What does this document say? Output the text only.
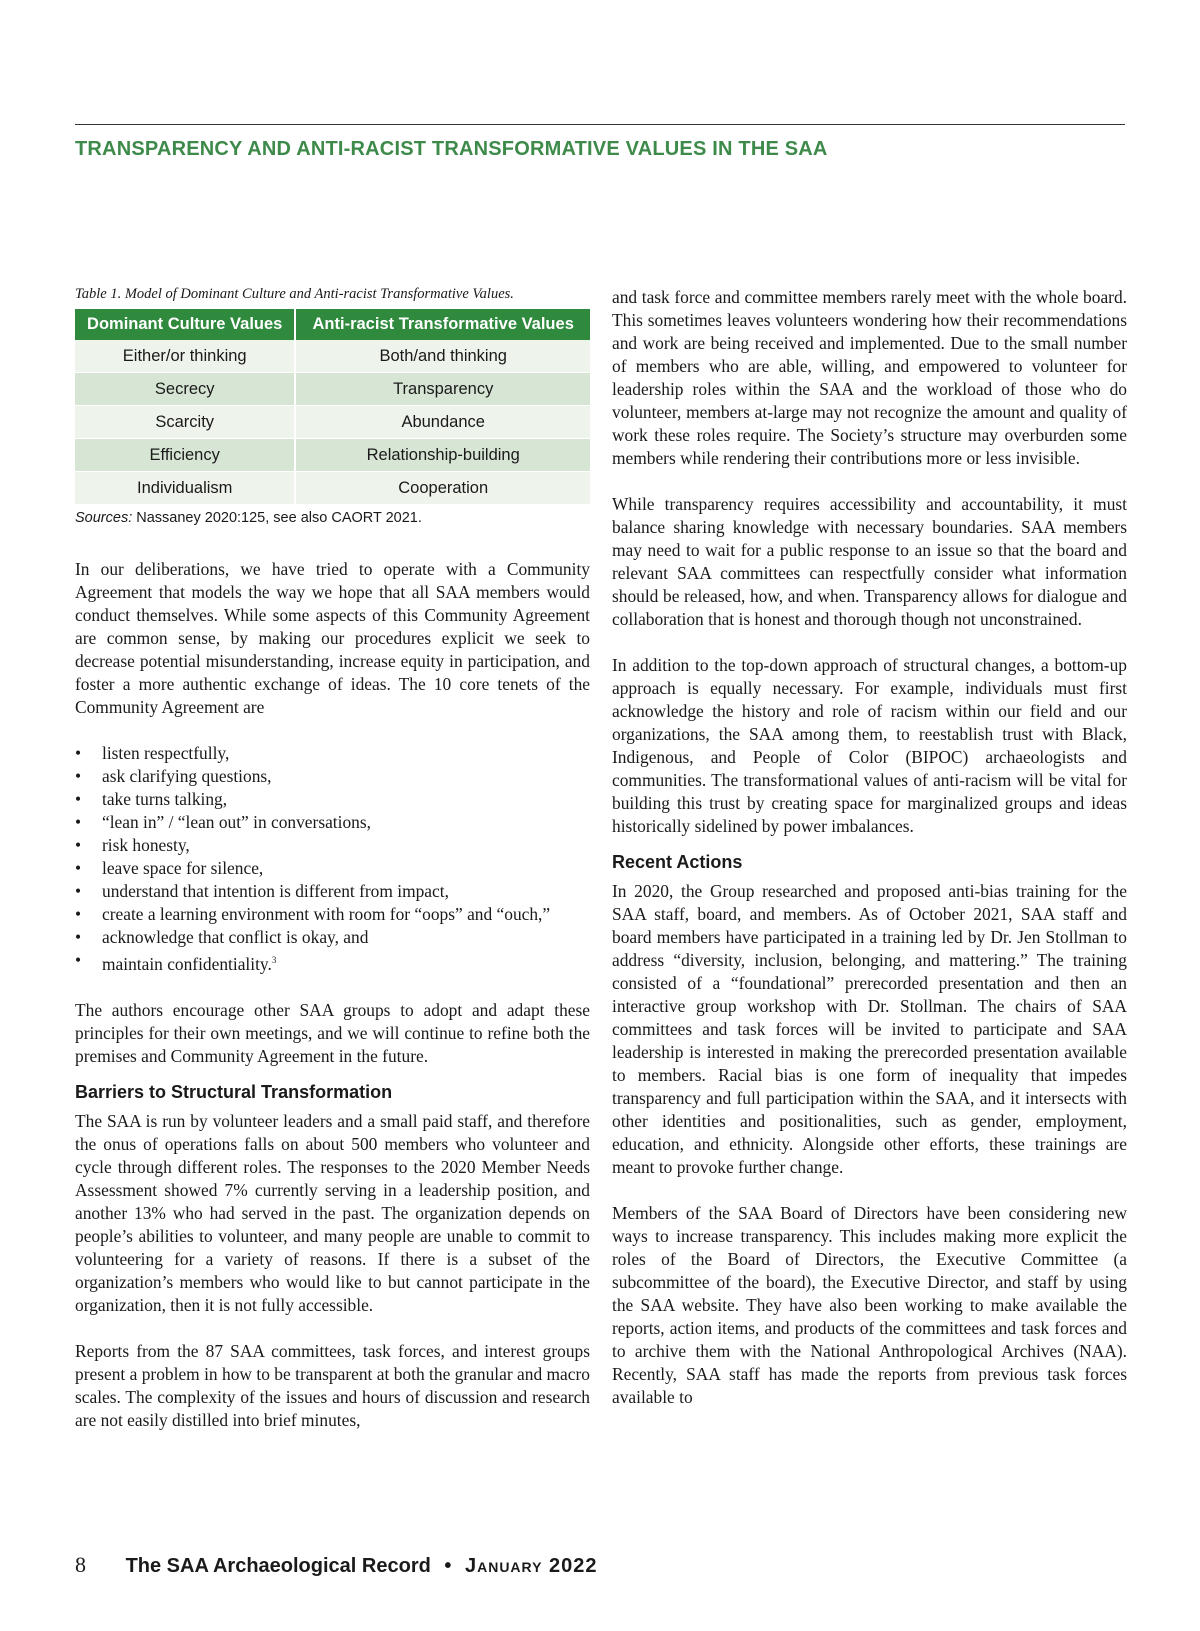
TRANSPARENCY AND ANTI-RACIST TRANSFORMATIVE VALUES IN THE SAA
Table 1. Model of Dominant Culture and Anti-racist Transformative Values.
Dominant Culture Values	Anti-racist Transformative Values
Either/or thinking	Both/and thinking
Secrecy	Transparency
Scarcity	Abundance
Efficiency	Relationship-building
Individualism	Cooperation
Sources: Nassaney 2020:125, see also CAORT 2021.

In our deliberations, we have tried to operate with a Community Agreement that models the way we hope that all SAA members would conduct themselves. While some aspects of this Community Agreement are common sense, by making our procedures explicit we seek to decrease potential misunderstanding, increase equity in participation, and foster a more authentic exchange of ideas. The 10 core tenets of the Community Agreement are

• listen respectfully,
• ask clarifying questions,
• take turns talking,
• “lean in” / “lean out” in conversations,
• risk honesty,
• leave space for silence,
• understand that intention is different from impact,
• create a learning environment with room for “oops” and “ouch,”
• acknowledge that conflict is okay, and
• maintain confidentiality.$^3$

The authors encourage other SAA groups to adopt and adapt these principles for their own meetings, and we will continue to refine both the premises and Community Agreement in the future.

Barriers to Structural Transformation

The SAA is run by volunteer leaders and a small paid staff, and therefore the onus of operations falls on about 500 members who volunteer and cycle through different roles. The responses to the 2020 Member Needs Assessment showed 7% currently serving in a leadership position, and another 13% who had served in the past. The organization depends on people’s abilities to volunteer, and many people are unable to commit to volunteering for a variety of reasons. If there is a subset of the organization’s members who would like to but cannot participate in the organization, then it is not fully accessible.

Reports from the 87 SAA committees, task forces, and interest groups present a problem in how to be transparent at both the granular and macro scales. The complexity of the issues and hours of discussion and research are not easily distilled into brief minutes,

and task force and committee members rarely meet with the whole board. This sometimes leaves volunteers wondering how their recommendations and work are being received and implemented. Due to the small number of members who are able, willing, and empowered to volunteer for leadership roles within the SAA and the workload of those who do volunteer, members at-large may not recognize the amount and quality of work these roles require. The Society’s structure may overburden some members while rendering their contributions more or less invisible.

While transparency requires accessibility and accountability, it must balance sharing knowledge with necessary boundaries. SAA members may need to wait for a public response to an issue so that the board and relevant SAA committees can respectfully consider what information should be released, how, and when. Transparency allows for dialogue and collaboration that is honest and thorough though not unconstrained.

In addition to the top-down approach of structural changes, a bottom-up approach is equally necessary. For example, individuals must first acknowledge the history and role of racism within our field and our organizations, the SAA among them, to reestablish trust with Black, Indigenous, and People of Color (BIPOC) archaeologists and communities. The transformational values of anti-racism will be vital for building this trust by creating space for marginalized groups and ideas historically sidelined by power imbalances.

Recent Actions

In 2020, the Group researched and proposed anti-bias training for the SAA staff, board, and members. As of October 2021, SAA staff and board members have participated in a training led by Dr. Jen Stollman to address “diversity, inclusion, belonging, and mattering.” The training consisted of a “foundational” prerecorded presentation and then an interactive group workshop with Dr. Stollman. The chairs of SAA committees and task forces will be invited to participate and SAA leadership is interested in making the prerecorded presentation available to members. Racial bias is one form of inequality that impedes transparency and full participation within the SAA, and it intersects with other identities and positionalities, such as gender, employment, education, and ethnicity. Alongside other efforts, these trainings are meant to provoke further change.

Members of the SAA Board of Directors have been considering new ways to increase transparency. This includes making more explicit the roles of the Board of Directors, the Executive Committee (a subcommittee of the board), the Executive Director, and staff by using the SAA website. They have also been working to make available the reports, action items, and products of the committees and task forces and to archive them with the National Anthropological Archives (NAA). Recently, SAA staff has made the reports from previous task forces available to

8 The SAA Archaeological Record • January 2022
